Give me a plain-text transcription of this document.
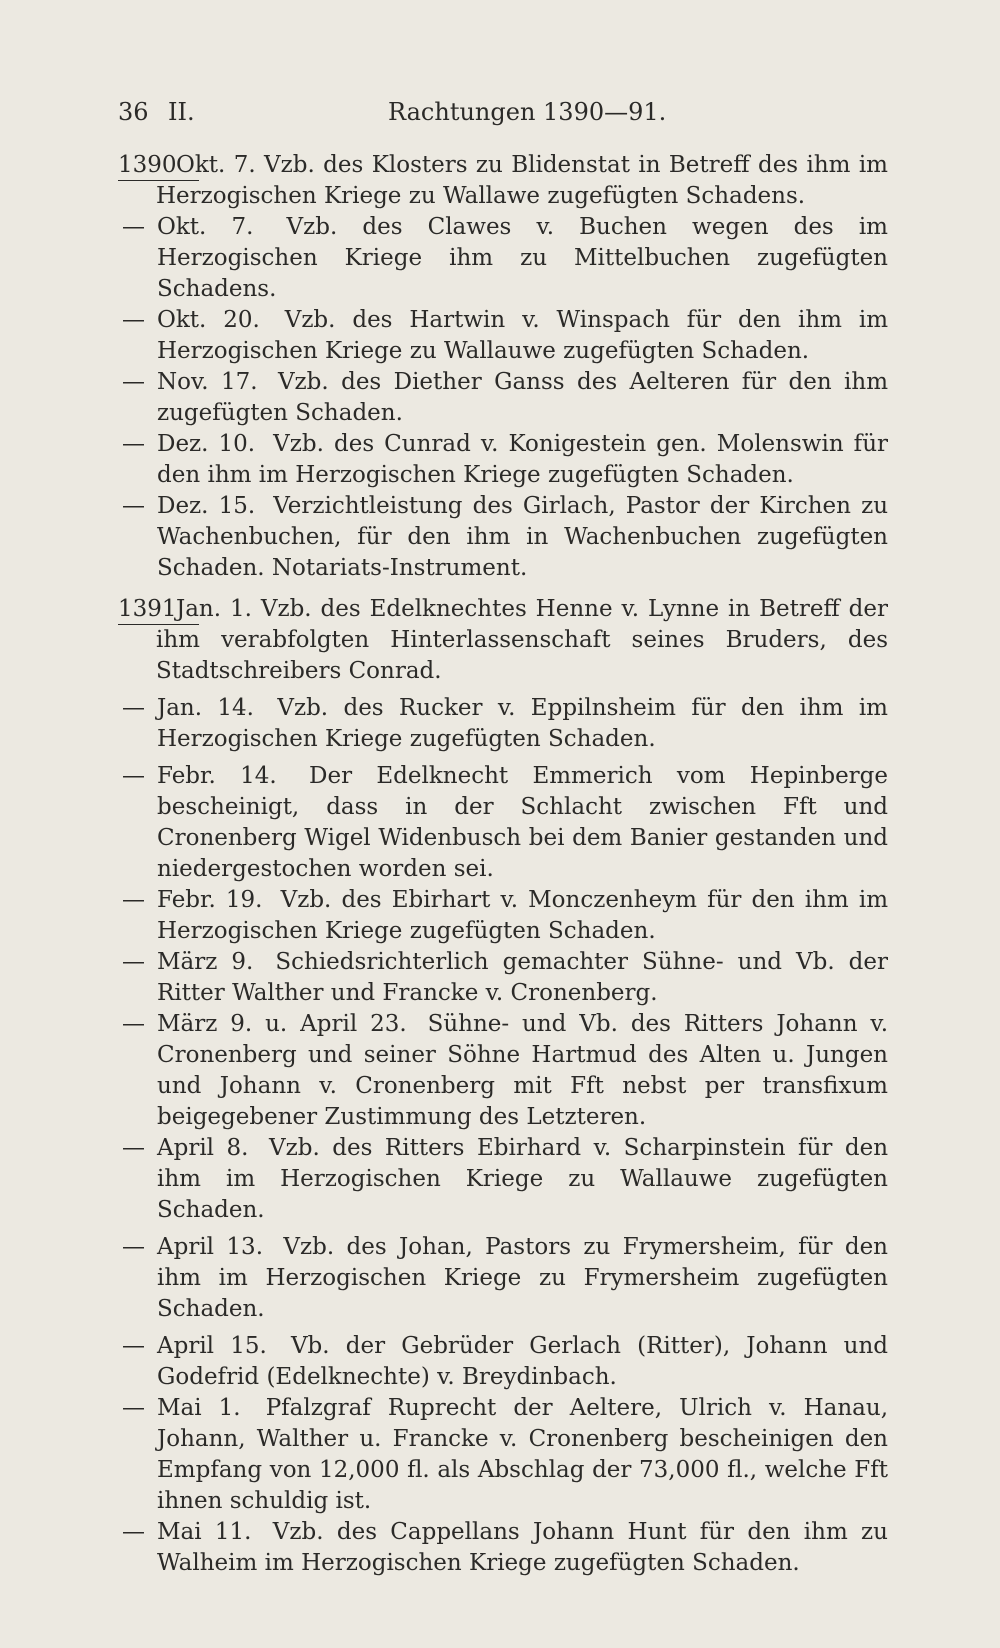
36 II.	Rachtungen 1390—91.
1390 Okt. 7. Vzb. des Klosters zu Blidenstat in Betreff des ihm im Herzogischen Kriege zu Wallawe zugefügten Schadens.
— Okt. 7. Vzb. des Clawes v. Buchen wegen des im Herzogischen Kriege ihm zu Mittelbuchen zugefügten Schadens.
— Okt. 20. Vzb. des Hartwin v. Winspach für den ihm im Herzogischen Kriege zu Wallauwe zugefügten Schaden.
— Nov. 17. Vzb. des Diether Ganss des Aelteren für den ihm zugefügten Schaden.
— Dez. 10. Vzb. des Cunrad v. Konigestein gen. Molenswin für den ihm im Herzogischen Kriege zugefügten Schaden.
— Dez. 15. Verzichtleistung des Girlach, Pastor der Kirchen zu Wachenbuchen, für den ihm in Wachenbuchen zugefügten Schaden. Notariats-Instrument.
1391 Jan. 1. Vzb. des Edelknechtes Henne v. Lynne in Betreff der ihm verabfolgten Hinterlassenschaft seines Bruders, des Stadtschreibers Conrad.
— Jan. 14. Vzb. des Rucker v. Eppilnsheim für den ihm im Herzogischen Kriege zugefügten Schaden.
— Febr. 14. Der Edelknecht Emmerich vom Hepinberge bescheinigt, dass in der Schlacht zwischen Fft und Cronenberg Wigel Widenbusch bei dem Banier gestanden und niedergestochen worden sei.
— Febr. 19. Vzb. des Ebirhart v. Monczenheym für den ihm im Herzogischen Kriege zugefügten Schaden.
— März 9. Schiedsrichterlich gemachter Sühne- und Vb. der Ritter Walther und Francke v. Cronenberg.
— März 9. u. April 23. Sühne- und Vb. des Ritters Johann v. Cronenberg und seiner Söhne Hartmud des Alten u. Jungen und Johann v. Cronenberg mit Fft nebst per transfixum beigegebener Zustimmung des Letzteren.
— April 8. Vzb. des Ritters Ebirhard v. Scharpinstein für den ihm im Herzogischen Kriege zu Wallauwe zugefügten Schaden.
— April 13. Vzb. des Johan, Pastors zu Frymersheim, für den ihm im Herzogischen Kriege zu Frymersheim zugefügten Schaden.
— April 15. Vb. der Gebrüder Gerlach (Ritter), Johann und Godefrid (Edelknechte) v. Breydinbach.
— Mai 1. Pfalzgraf Ruprecht der Aeltere, Ulrich v. Hanau, Johann, Walther u. Francke v. Cronenberg bescheinigen den Empfang von 12,000 fl. als Abschlag der 73,000 fl., welche Fft ihnen schuldig ist.
— Mai 11. Vzb. des Cappellans Johann Hunt für den ihm zu Walheim im Herzogischen Kriege zugefügten Schaden.
